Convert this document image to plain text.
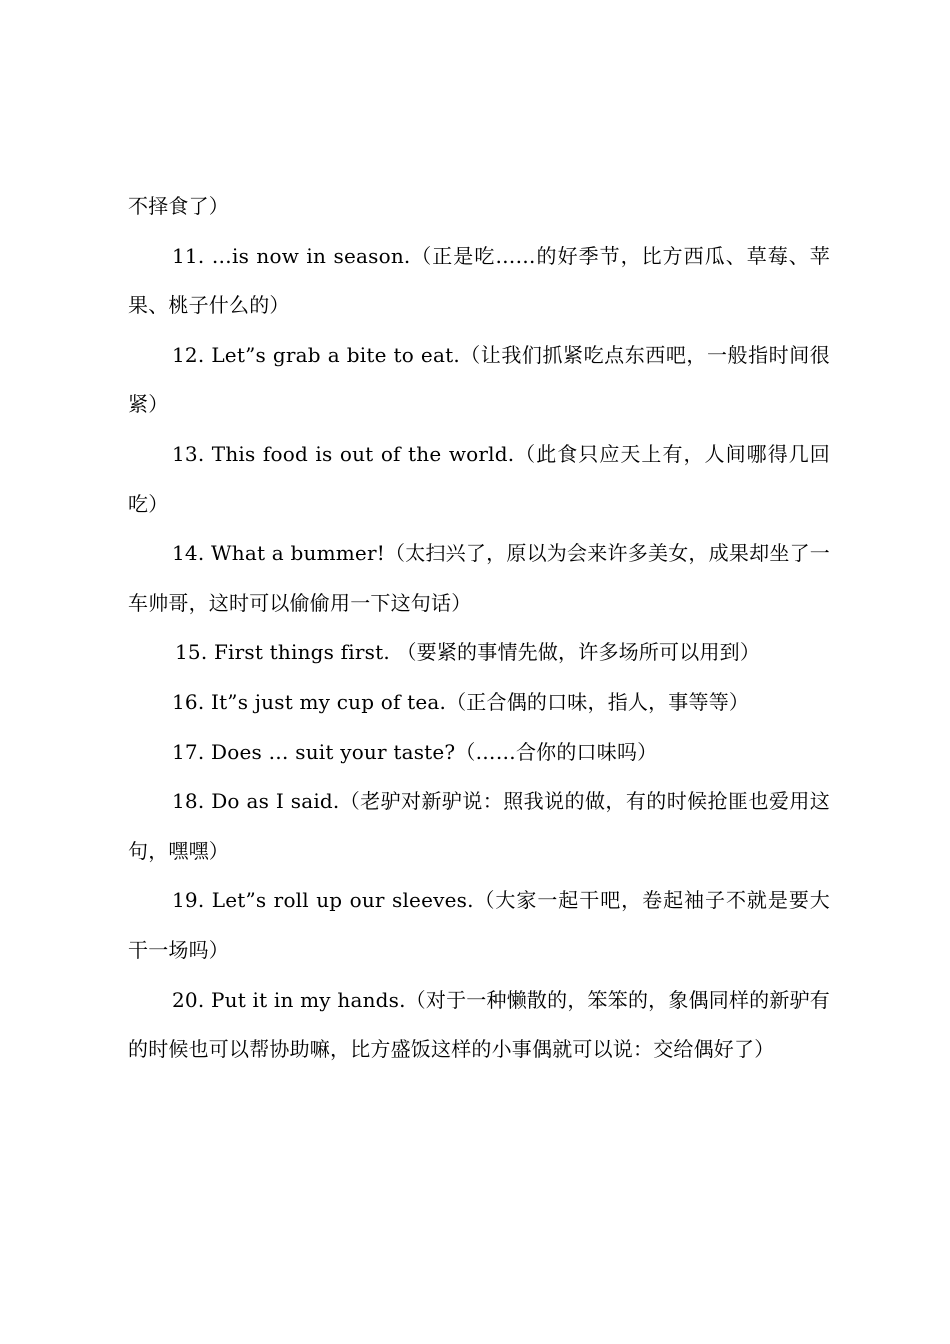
不择食了）

11. …is now in season.（正是吃……的好季节，比方西瓜、草莓、苹果、桃子什么的）

12. Let”s grab a bite to eat.（让我们抓紧吃点东西吧，一般指时间很紧）

13. This food is out of the world.（此食只应天上有，人间哪得几回吃）

14. What a bummer!（太扫兴了，原以为会来许多美女，成果却坐了一车帅哥，这时可以偷偷用一下这句话）

15. First things first. （要紧的事情先做，许多场所可以用到）

16. It”s just my cup of tea.（正合偶的口味，指人，事等等）

17. Does … suit your taste?（……合你的口味吗）

18. Do as I said.（老驴对新驴说：照我说的做，有的时候抢匪也爱用这句，嘿嘿）

19. Let”s roll up our sleeves.（大家一起干吧，卷起袖子不就是要大干一场吗）

20. Put it in my hands.（对于一种懒散的，笨笨的，象偶同样的新驴有的时候也可以帮协助嘛，比方盛饭这样的小事偶就可以说：交给偶好了）
